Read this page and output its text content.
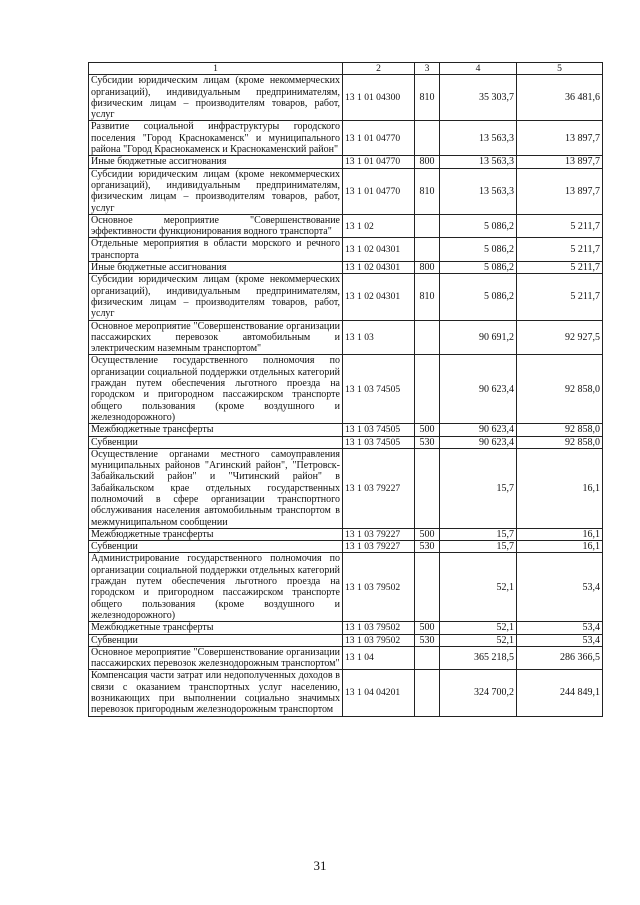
1	2	3	4	5
Субсидии юридическим лицам (кроме некоммерческих организаций), индивидуальным предпринимателям, физическим лицам – производителям товаров, работ, услуг	13 1 01 04300	810	35 303,7	36 481,6
Развитие социальной инфраструктуры городского поселения "Город Краснокаменск" и муниципального района "Город Краснокаменск и Краснокаменский район"	13 1 01 04770		13 563,3	13 897,7
Иные бюджетные ассигнования	13 1 01 04770	800	13 563,3	13 897,7
Субсидии юридическим лицам (кроме некоммерческих организаций), индивидуальным предпринимателям, физическим лицам – производителям товаров, работ, услуг	13 1 01 04770	810	13 563,3	13 897,7
Основное мероприятие "Совершенствование эффективности функционирования водного транспорта"	13 1 02		5 086,2	5 211,7
Отдельные мероприятия в области морского и речного транспорта	13 1 02 04301		5 086,2	5 211,7
Иные бюджетные ассигнования	13 1 02 04301	800	5 086,2	5 211,7
Субсидии юридическим лицам (кроме некоммерческих организаций), индивидуальным предпринимателям, физическим лицам – производителям товаров, работ, услуг	13 1 02 04301	810	5 086,2	5 211,7
Основное мероприятие "Совершенствование организации пассажирских перевозок автомобильным и электрическим наземным транспортом"	13 1 03		90 691,2	92 927,5
Осуществление государственного полномочия по организации социальной поддержки отдельных категорий граждан путем обеспечения льготного проезда на городском и пригородном пассажирском транспорте общего пользования (кроме воздушного и железнодорожного)	13 1 03 74505		90 623,4	92 858,0
Межбюджетные трансферты	13 1 03 74505	500	90 623,4	92 858,0
Субвенции	13 1 03 74505	530	90 623,4	92 858,0
Осуществление органами местного самоуправления муниципальных районов "Агинский район", "Петровск-Забайкальский район" и "Читинский район" в Забайкальском крае отдельных государственных полномочий в сфере организации транспортного обслуживания населения автомобильным транспортом в межмуниципальном сообщении	13 1 03 79227		15,7	16,1
Межбюджетные трансферты	13 1 03 79227	500	15,7	16,1
Субвенции	13 1 03 79227	530	15,7	16,1
Администрирование государственного полномочия по организации социальной поддержки отдельных категорий граждан путем обеспечения льготного проезда на городском и пригородном пассажирском транспорте общего пользования (кроме воздушного и железнодорожного)	13 1 03 79502		52,1	53,4
Межбюджетные трансферты	13 1 03 79502	500	52,1	53,4
Субвенции	13 1 03 79502	530	52,1	53,4
Основное мероприятие "Совершенствование организации пассажирских перевозок железнодорожным транспортом"	13 1 04		365 218,5	286 366,5
Компенсация части затрат или недополученных доходов в связи с оказанием транспортных услуг населению, возникающих при выполнении социально значимых перевозок пригородным железнодорожным транспортом	13 1 04 04201		324 700,2	244 849,1
31
